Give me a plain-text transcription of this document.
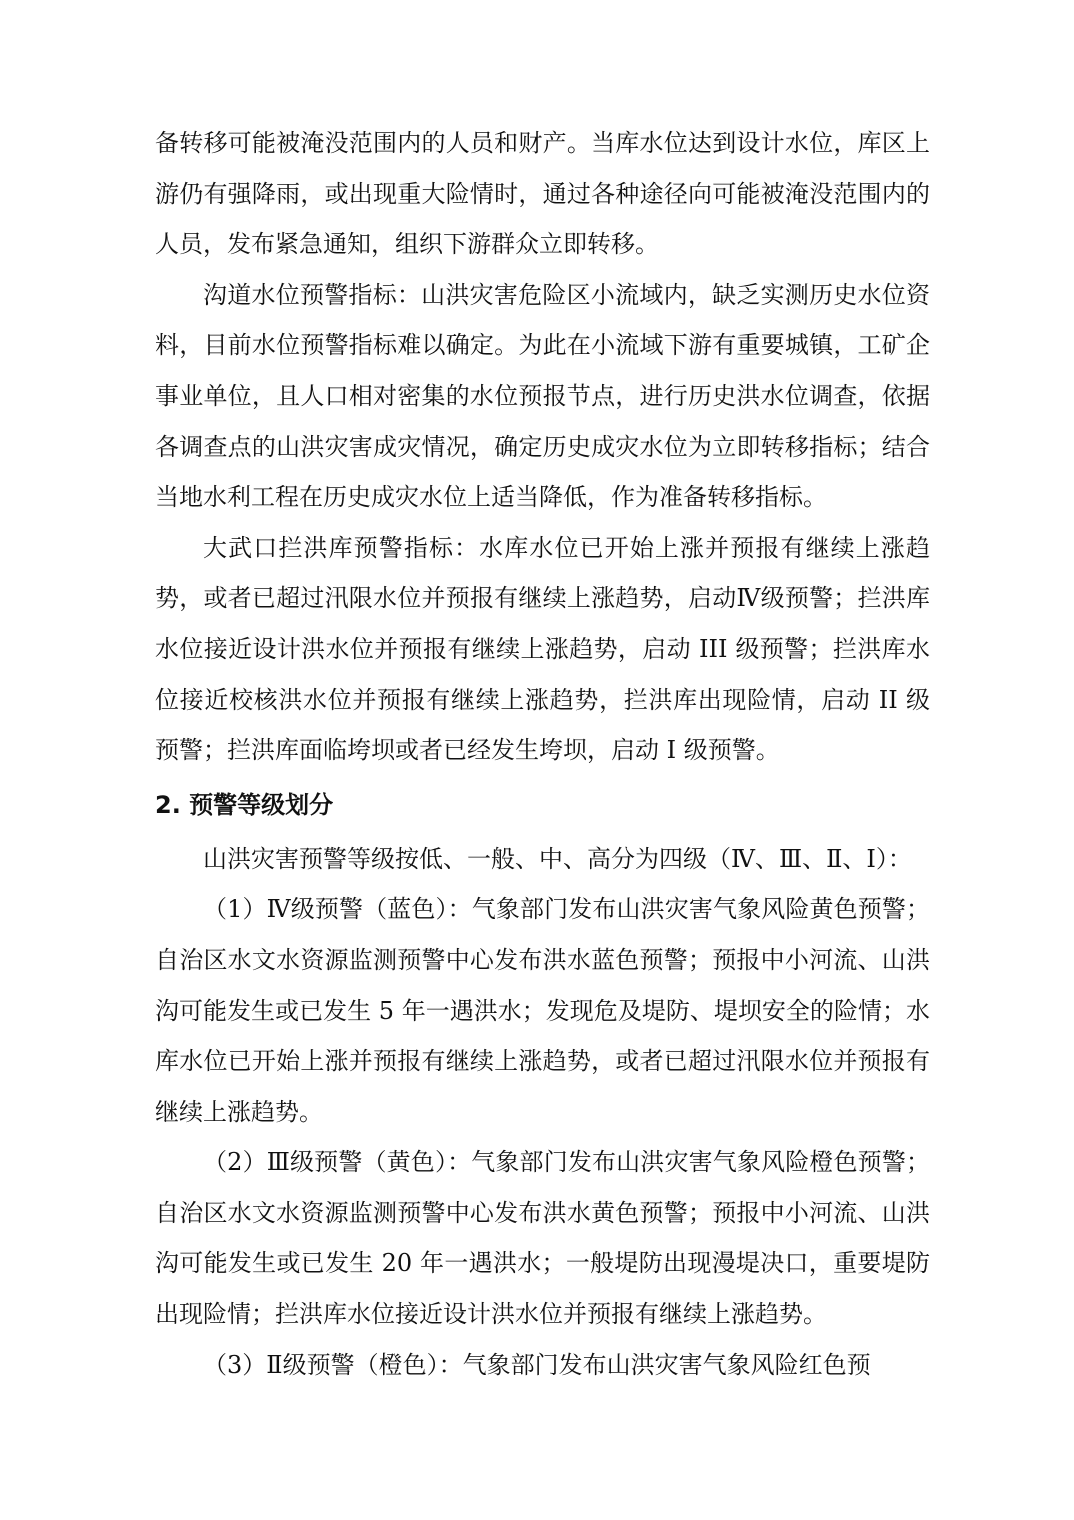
备转移可能被淹没范围内的人员和财产。当库水位达到设计水位，库区上游仍有强降雨，或出现重大险情时，通过各种途径向可能被淹没范围内的人员，发布紧急通知，组织下游群众立即转移。

沟道水位预警指标：山洪灾害危险区小流域内，缺乏实测历史水位资料，目前水位预警指标难以确定。为此在小流域下游有重要城镇，工矿企事业单位，且人口相对密集的水位预报节点，进行历史洪水位调查，依据各调查点的山洪灾害成灾情况，确定历史成灾水位为立即转移指标；结合当地水利工程在历史成灾水位上适当降低，作为准备转移指标。

大武口拦洪库预警指标：水库水位已开始上涨并预报有继续上涨趋势，或者已超过汛限水位并预报有继续上涨趋势，启动Ⅳ级预警；拦洪库水位接近设计洪水位并预报有继续上涨趋势，启动 III 级预警；拦洪库水位接近校核洪水位并预报有继续上涨趋势，拦洪库出现险情，启动 II 级预警；拦洪库面临垮坝或者已经发生垮坝，启动 I 级预警。

2. 预警等级划分

山洪灾害预警等级按低、一般、中、高分为四级（Ⅳ、Ⅲ、Ⅱ、Ⅰ）：

（1）Ⅳ级预警（蓝色）：气象部门发布山洪灾害气象风险黄色预警；自治区水文水资源监测预警中心发布洪水蓝色预警；预报中小河流、山洪沟可能发生或已发生 5 年一遇洪水；发现危及堤防、堤坝安全的险情；水库水位已开始上涨并预报有继续上涨趋势，或者已超过汛限水位并预报有继续上涨趋势。

（2）Ⅲ级预警（黄色）：气象部门发布山洪灾害气象风险橙色预警；自治区水文水资源监测预警中心发布洪水黄色预警；预报中小河流、山洪沟可能发生或已发生 20 年一遇洪水；一般堤防出现漫堤决口，重要堤防出现险情；拦洪库水位接近设计洪水位并预报有继续上涨趋势。

（3）Ⅱ级预警（橙色）：气象部门发布山洪灾害气象风险红色预
